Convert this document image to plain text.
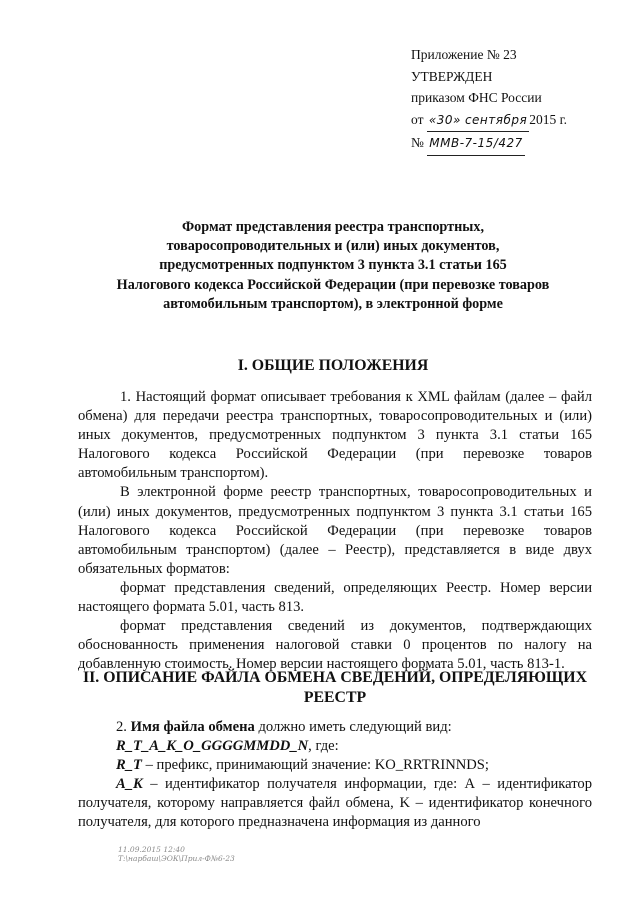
Приложение № 23
УТВЕРЖДЕН
приказом ФНС России
от «30» сентября 2015 г.
№ ММВ-7-15/427
Формат представления реестра транспортных,
товаросопроводительных и (или) иных документов,
предусмотренных подпунктом 3 пункта 3.1 статьи 165
Налогового кодекса Российской Федерации (при перевозке товаров
автомобильным транспортом), в электронной форме
I. ОБЩИЕ ПОЛОЖЕНИЯ

1. Настоящий формат описывает требования к XML файлам (далее – файл обмена) для передачи реестра транспортных, товаросопроводительных и (или) иных документов, предусмотренных подпунктом 3 пункта 3.1 статьи 165 Налогового кодекса Российской Федерации (при перевозке товаров автомобильным транспортом).

В электронной форме реестр транспортных, товаросопроводительных и (или) иных документов, предусмотренных подпунктом 3 пункта 3.1 статьи 165 Налогового кодекса Российской Федерации (при перевозке товаров автомобильным транспортом) (далее – Реестр), представляется в виде двух обязательных форматов:

формат представления сведений, определяющих Реестр. Номер версии настоящего формата 5.01, часть 813.

формат представления сведений из документов, подтверждающих обоснованность применения налоговой ставки 0 процентов по налогу на добавленную стоимость. Номер версии настоящего формата 5.01, часть 813-1.

II. ОПИСАНИЕ ФАЙЛА ОБМЕНА СВЕДЕНИЙ, ОПРЕДЕЛЯЮЩИХ
РЕЕСТР

2. Имя файла обмена должно иметь следующий вид:

R_T_A_K_O_GGGGMMDD_N, где:

R_T – префикс, принимающий значение: KO_RRTRINNDS;

A_K – идентификатор получателя информации, где: А – идентификатор получателя, которому направляется файл обмена, K – идентификатор конечного получателя, для которого предназначена информация из данного

11.09.2015 12:40
Т:\нарбаш\ЭОК\Прил-Ф№6-23
